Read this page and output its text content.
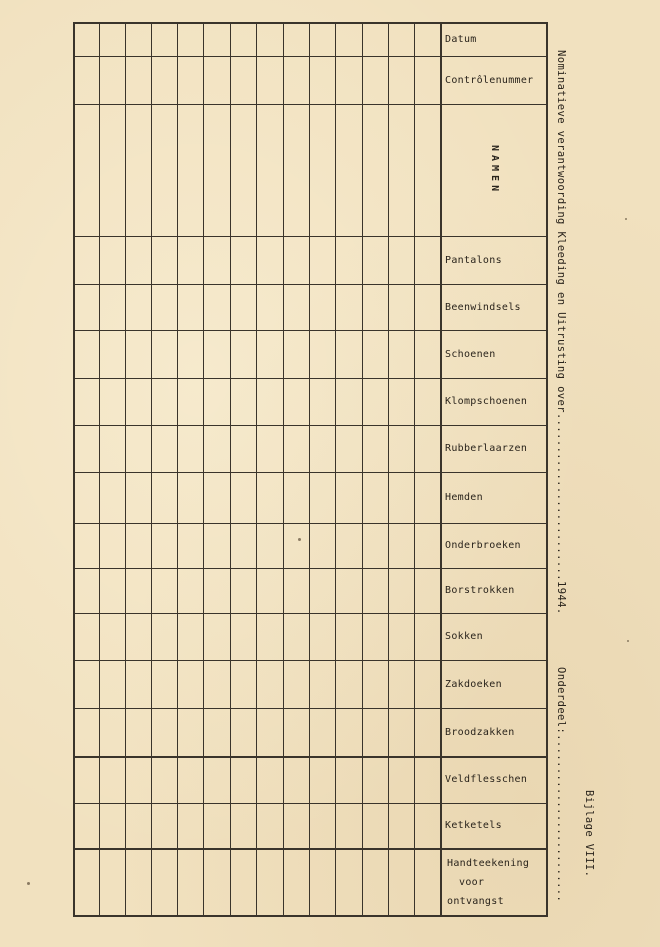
Datum
Contrôlenummer
NAMEN
Pantalons
Beenwindsels
Schoenen
Klompschoenen
Rubberlaarzen
Hemden
Onderbroeken
Borstrokken
Sokken
Zakdoeken
Broodzakken
Veldflesschen
Ketketels
Handteekening
voor
ontvangst
Nominatieve verantwoording Kleeding en Uitrusting over.........................1944.
Onderdeel:......................... Bijlage VIII.
